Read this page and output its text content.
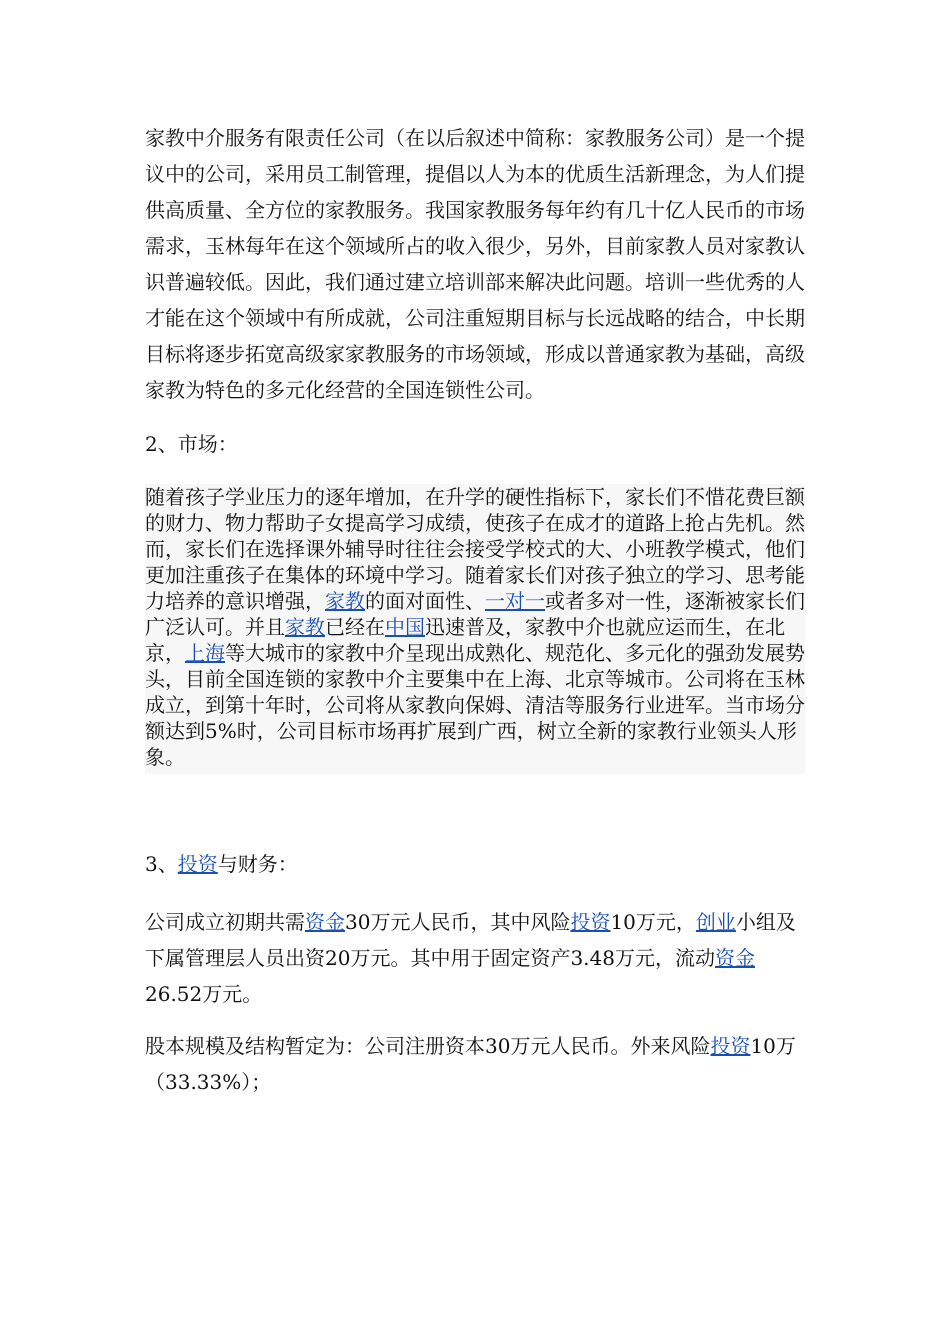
家教中介服务有限责任公司（在以后叙述中简称：家教服务公司）是一个提议中的公司，采用员工制管理，提倡以人为本的优质生活新理念，为人们提供高质量、全方位的家教服务。我国家教服务每年约有几十亿人民币的市场需求，玉林每年在这个领域所占的收入很少，另外，目前家教人员对家教认识普遍较低。因此，我们通过建立培训部来解决此问题。培训一些优秀的人才能在这个领域中有所成就，公司注重短期目标与长远战略的结合，中长期目标将逐步拓宽高级家家教服务的市场领域，形成以普通家教为基础，高级家教为特色的多元化经营的全国连锁性公司。

2、市场：

随着孩子学业压力的逐年增加，在升学的硬性指标下，家长们不惜花费巨额的财力、物力帮助子女提高学习成绩，使孩子在成才的道路上抢占先机。然而，家长们在选择课外辅导时往往会接受学校式的大、小班教学模式，他们更加注重孩子在集体的环境中学习。随着家长们对孩子独立的学习、思考能力培养的意识增强，家教的面对面性、一对一或者多对一性，逐渐被家长们广泛认可。并且家教已经在中国迅速普及，家教中介也就应运而生，在北京，上海等大城市的家教中介呈现出成熟化、规范化、多元化的强劲发展势头，目前全国连锁的家教中介主要集中在上海、北京等城市。公司将在玉林成立，到第十年时，公司将从家教向保姆、清洁等服务行业进军。当市场分额达到5%时，公司目标市场再扩展到广西，树立全新的家教行业领头人形象。

3、投资与财务：

公司成立初期共需资金30万元人民币，其中风险投资10万元，创业小组及下属管理层人员出资20万元。其中用于固定资产3.48万元，流动资金26.52万元。

股本规模及结构暂定为：公司注册资本30万元人民币。外来风险投资10万（33.33%）；
